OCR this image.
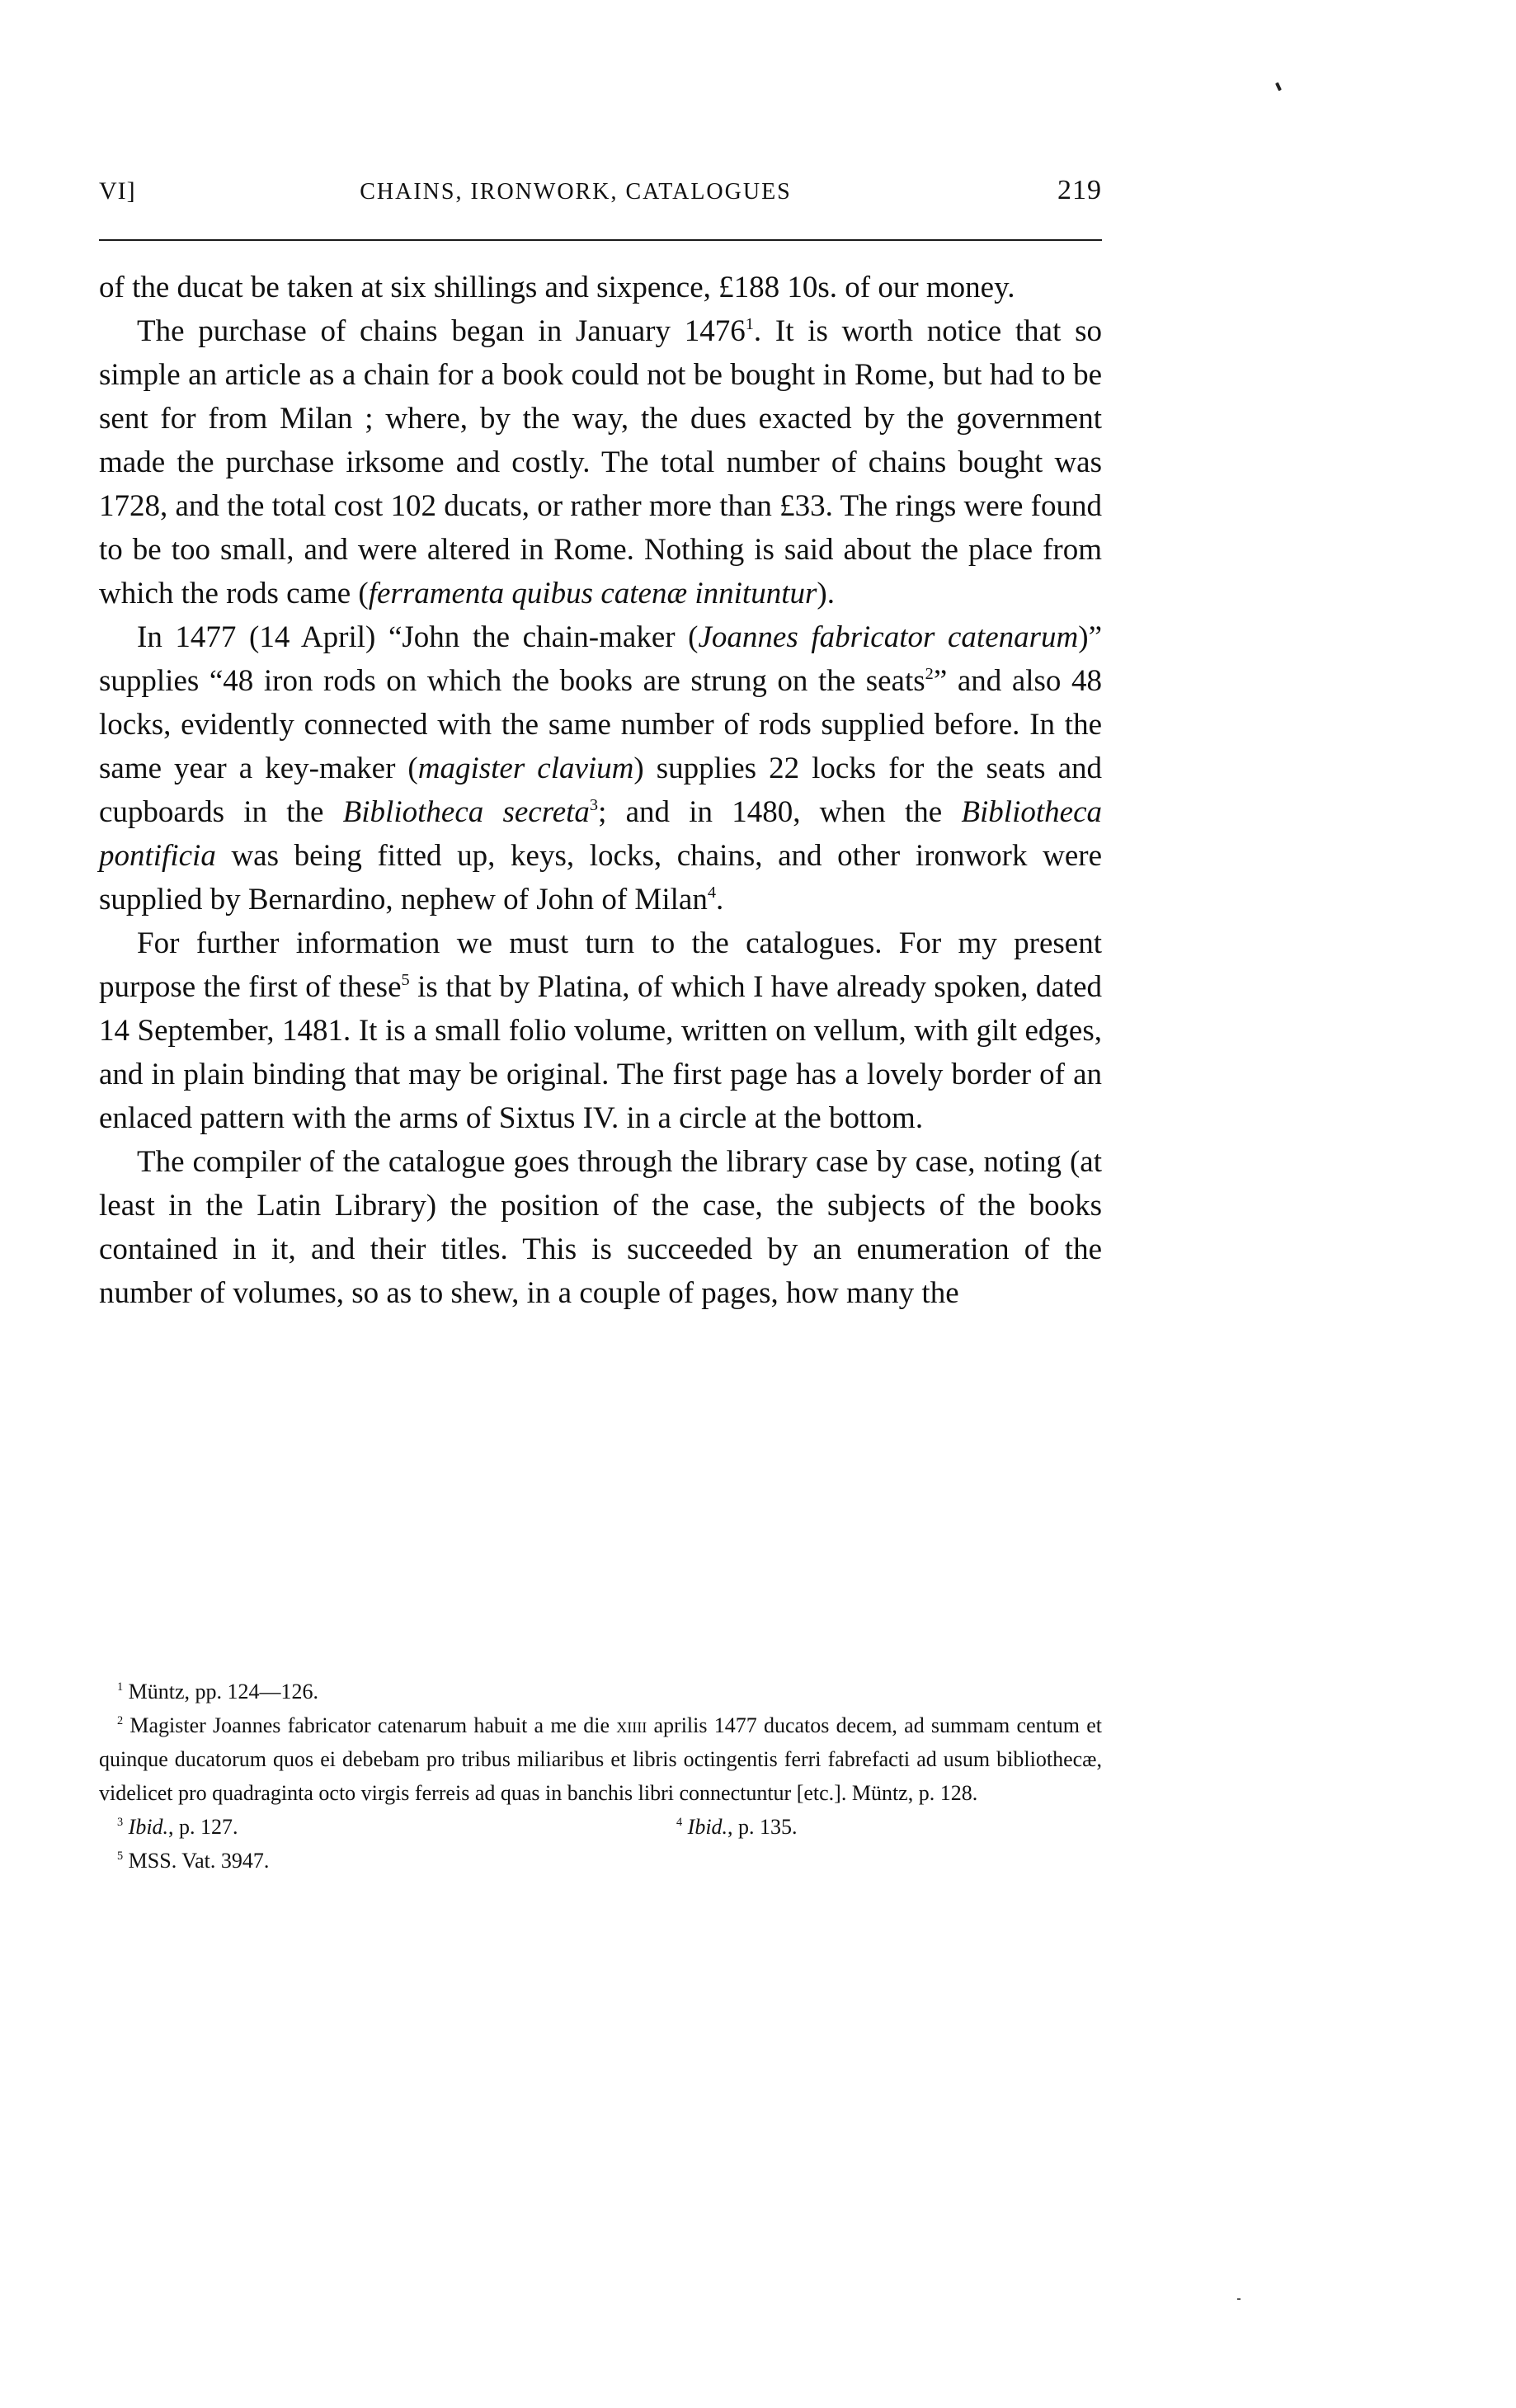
VI]	CHAINS, IRONWORK, CATALOGUES	219

of the ducat be taken at six shillings and sixpence, £188 10s. of our money.

The purchase of chains began in January 1476$^1$. It is worth notice that so simple an article as a chain for a book could not be bought in Rome, but had to be sent for from Milan ; where, by the way, the dues exacted by the government made the purchase irksome and costly. The total number of chains bought was 1728, and the total cost 102 ducats, or rather more than £33. The rings were found to be too small, and were altered in Rome. Nothing is said about the place from which the rods came (ferramenta quibus catenæ innituntur).

In 1477 (14 April) “John the chain-maker (Joannes fabricator catenarum)” supplies “48 iron rods on which the books are strung on the seats$^2$” and also 48 locks, evidently connected with the same number of rods supplied before. In the same year a key-maker (magister clavium) supplies 22 locks for the seats and cupboards in the Bibliotheca secreta$^3$; and in 1480, when the Bibliotheca pontificia was being fitted up, keys, locks, chains, and other ironwork were supplied by Bernardino, nephew of John of Milan$^4$.

For further information we must turn to the catalogues. For my present purpose the first of these$^5$ is that by Platina, of which I have already spoken, dated 14 September, 1481. It is a small folio volume, written on vellum, with gilt edges, and in plain binding that may be original. The first page has a lovely border of an enlaced pattern with the arms of Sixtus IV. in a circle at the bottom.

The compiler of the catalogue goes through the library case by case, noting (at least in the Latin Library) the position of the case, the subjects of the books contained in it, and their titles. This is succeeded by an enumeration of the number of volumes, so as to shew, in a couple of pages, how many the

$^1$ Müntz, pp. 124—126.

$^2$ Magister Joannes fabricator catenarum habuit a me die xiiii aprilis 1477 ducatos decem, ad summam centum et quinque ducatorum quos ei debebam pro tribus miliaribus et libris octingentis ferri fabrefacti ad usum bibliothecæ, videlicet pro quadraginta octo virgis ferreis ad quas in banchis libri connectuntur [etc.]. Müntz, p. 128.

$^3$ Ibid., p. 127.	$^4$ Ibid., p. 135.

$^5$ MSS. Vat. 3947.
